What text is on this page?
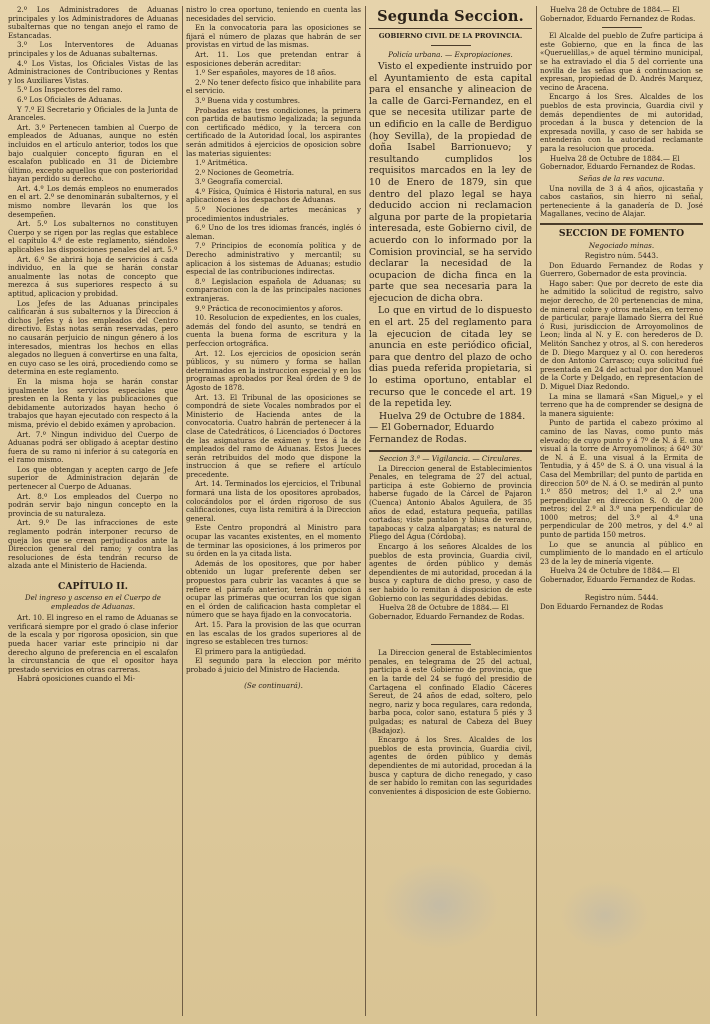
2.º Los Administradores de Aduanas principales y los Administradores de Aduanas subalternas que no tengan anejo el ramo de Estancadas.

3.º Los Interventores de Aduanas principales y los de Aduanas subalternas.

4.º Los Vistas, los Oficiales Vistas de las Administraciones de Contribuciones y Rentas y los Auxiliares Vistas.

5.º Los Inspectores del ramo.

6.º Los Oficiales de Aduanas.

Y 7.º El Secretario y Oficiales de la Junta de Aranceles.

Art. 3.º Pertenecen tambien al Cuerpo de empleados de Aduanas, aunque no estén incluidos en el artículo anterior, todos los que bajo cualquier concepto figuran en el escalafon publicado en 31 de Diciembre último, excepto aquellos que con posterioridad hayan perdido su derecho.

Art. 4.º Los demás empleos no enumerados en el art. 2.º se denominarán subalternos, y el mismo nombre llevarán los que los desempeñen.

Art. 5.º Los subalternos no constituyen Cuerpo y se rigen por las reglas que establece el capítulo 4.º de este reglamento, siéndoles aplicables las disposiciones penales del art. 5.º

Art. 6.º Se abrirá hoja de servicios á cada individuo, en la que se harán constar anualmente las notas de concepto que merezca á sus superiores respecto á su aptitud, aplicacion y probidad.

Los Jefes de las Aduanas principales calificarán á sus subalternos y la Direccion á dichos Jefes y á los empleados del Centro directivo. Estas notas serán reservadas, pero no causarán perjuicio de ningun género á los interesados, mientras los hechos en ellas alegados no lleguen á convertirse en una falta, en cuyo caso se les oirá, procediendo como se determina en este reglamento.

En la misma hoja se harán constar igualmente los servicios especiales que presten en la Renta y las publicaciones que debidamente autorizados hayan hecho ó trabajos que hayan ejecutado con respecto á la misma, prévio el debido exámen y aprobacion.

Art. 7.º Ningun individuo del Cuerpo de Aduanas podrá ser obligado á aceptar destino fuera de su ramo ni inferior á su categoría en el ramo mismo.

Los que obtengan y acepten cargo de Jefe superior de Administracion dejarán de pertenecer al Cuerpo de Aduanas.

Art. 8.º Los empleados del Cuerpo no podrán servir bajo ningun concepto en la provincia de su naturaleza.

Art. 9.º De las infracciones de este reglamento podrán interponer recurso de queja los que se crean perjudicados ante la Direccion general del ramo; y contra las resoluciones de ésta tendrán recurso de alzada ante el Ministerio de Hacienda.

CAPÍTULO II.
Del ingreso y ascenso en el Cuerpo de empleados de Aduanas.

Art. 10. El ingreso en el ramo de Aduanas se verificará siempre por el grado ó clase inferior de la escala y por rigorosa oposicion, sin que pueda hacer variar este principio ni dar derecho alguno de preferencia en el escalafon la circunstancia de que el opositor haya prestado servicios en otras carreras.

Habrá oposiciones cuando el Mi-

nistro lo crea oportuno, teniendo en cuenta las necesidades del servicio.

En la convocatoria para las oposiciones se fijará el número de plazas que habrán de ser provistas en virtud de las mismas.

Art. 11. Los que pretendan entrar á esposiciones deberán acreditar:

1.º Ser españoles, mayores de 18 años.

2.º No tener defecto físico que inhabilite para el servicio.

3.º Buena vida y costumbres.

Probadas estas tres condiciones, la primera con partida de bautismo legalizada; la segunda con certificado médico, y la tercera con certificado de la Autoridad local, los aspirantes serán admitidos á ejercicios de oposicion sobre las materias siguientes:

1.º Aritmética.

2.º Nociones de Geometría.

3.º Geografía comercial.

4.º Física, Química é Historia natural, en sus aplicaciones á los despachos de Aduanas.

5.º Nociones de artes mecánicas y procedimientos industriales.

6.º Uno de los tres idiomas francés, inglés ó aleman.

7.º Principios de economía política y de Derecho administrativo y mercantil; su aplicacion á los sistemas de Aduanas; estudio especial de las contribuciones indirectas.

8.º Legislacion española de Aduanas; su comparacion con la de las principales naciones extranjeras.

9.º Práctica de reconocimientos y aforos.

10. Resolucion de expedientes, en los cuales, además del fondo del asunto, se tendrá en cuenta la buena forma de escritura y la perfeccion ortográfica.

Art. 12. Los ejercicios de oposicion serán públicos, y su número y forma se hallan determinados en la instruccion especial y en los programas aprobados por Real órden de 9 de Agosto de 1878.

Art. 13. El Tribunal de las oposiciones se compondrá de siete Vocales nombrados por el Ministerio de Hacienda antes de la convocatoria. Cuatro habrán de pertenecer á la clase de Catedráticos, ó Licenciados ó Doctores de las asignaturas de exámen y tres á la de empleados del ramo de Aduanas. Estos Jueces serán retribuidos del modo que dispone la instruccion á que se refiere el artículo precedente.

Art. 14. Terminados los ejercicios, el Tribunal formará una lista de los opositores aprobados, colocándolos por el órden rigoroso de sus calificaciones, cuya lista remitirá á la Direccion general.

Este Centro propondrá al Ministro para ocupar las vacantes existentes, en el momento de terminar las oposiciones, á los primeros por su órden en la ya citada lista.

Además de los opositores, que por haber obtenido un lugar preferente deben ser propuestos para cubrir las vacantes á que se refiere el párrafo anterior, tendrán opcion á ocupar las primeras que ocurran los que sigan en el órden de calificacion hasta completar el número que se haya fijado en la convocatoria.

Art. 15. Para la provision de las que ocurran en las escalas de los grados superiores al de ingreso se establecen tres turnos:

El primero para la antigüedad.

El segundo para la eleccion por mérito probado á juicio del Ministro de Hacienda.

(Se continuará).
Segunda Seccion.
GOBIERNO CIVIL DE LA PROVINCIA.
Policía urbana. — Expropiaciones.

Visto el expediente instruido por el Ayuntamiento de esta capital para el ensanche y alineacion de la calle de Garci-Fernandez, en el que se necesita utilizar parte de un edificio en la calle de Berdiguo (hoy Sevilla), de la propiedad de doña Isabel Barrionuevo; y resultando cumplidos los requisitos marcados en la ley de 10 de Enero de 1879, sin que dentro del plazo legal se haya deducido accion ni reclamacion alguna por parte de la propietaria interesada, este Gobierno civil, de acuerdo con lo informado por la Comision provincial, se ha servido declarar la necesidad de la ocupacion de dicha finca en la parte que sea necesaria para la ejecucion de dicha obra.

Lo que en virtud de lo dispuesto en el art. 25 del reglamento para la ejecucion de citada ley se anuncia en este periódico oficial, para que dentro del plazo de ocho dias pueda referida propietaria, si lo estima oportuno, entablar el recurso que le concede el art. 19 de la repetida ley.

Huelva 29 de Octubre de 1884.— El Gobernador, Eduardo Fernandez de Rodas.

Seccion 3.ª — Vigilancia. — Circulares.

La Direccion general de Establecimientos Penales, en telegrama de 27 del actual, participa á este Gobierno de provincia haberse fugado de la Cárcel de Pajaron (Cuenca) Antonio Abalos Aguilera, de 35 años de edad, estatura pequeña, patillas cortadas; viste pantalon y blusa de verano, tapabocas y calza alpargatas; es natural de Pliego del Agua (Córdoba).

Encargo á los señores Alcaldes de los pueblos de esta provincia, Guardia civil, agentes de órden público y demás dependientes de mi autoridad, procedan á la busca y captura de dicho preso, y caso de ser habido lo remitan á disposicion de este Gobierno con las seguridades debidas.

Huelva 28 de Octubre de 1884.— El Gobernador, Eduardo Fernandez de Rodas.

La Direccion general de Establecimientos penales, en telegrama de 25 del actual, participa á este Gobierno de provincia, que en la tarde del 24 se fugó del presidio de Cartagena el confinado Eladio Cáceres Sereut, de 24 años de edad, soltero, pelo negro, nariz y boca regulares, cara redonda, barba poca, color sano, estatura 5 piés y 3 pulgadas; es natural de Cabeza del Buey (Badajoz).

Encargo á los Sres. Alcaldes de los pueblos de esta provincia, Guardia civil, agentes de órden público y demás dependientes de mi autoridad, procedan á la busca y captura de dicho renegado, y caso de ser habido lo remitan con las seguridades convenientes á disposicion de este Gobierno.

Huelva 28 de Octubre de 1884.— El Gobernador, Eduardo Fernandez de Rodas.

El Alcalde del pueblo de Zufre participa á este Gobierno, que en la finca de las «Queruelillas,» de aquel término municipal, se ha extraviado el dia 5 del corriente una novilla de las señas que á continuacion se expresan, propiedad de D. Andrés Marquez, vecino de Aracena.

Encargo á los Sres. Alcaldes de los pueblos de esta provincia, Guardia civil y demás dependientes de mi autoridad, procedan á la busca y detencion de la expresada novilla, y caso de ser habida se entenderán con la autoridad reclamante para la resolucion que proceda.

Huelva 28 de Octubre de 1884.— El Gobernador, Eduardo Fernandez de Rodas.

Señas de la res vacuna.

Una novilla de 3 á 4 años, ojicastaña y cabos castaños, sin hierro ni señal, perteneciente á la ganadería de D. José Magallanes, vecino de Alajar.

SECCION DE FOMENTO
Negociado minas.

Registro núm. 5443.

Don Eduardo Fernandez de Rodas y Guerrero, Gobernador de esta provincia.

Hago saber: Que por decreto de este dia he admitido la solicitud de registro, salvo mejor derecho, de 20 pertenencias de mina, de mineral cobre y otros metales, en terreno de particular, paraje llamado Sierra del Rué ó Rusi, jurisdiccion de Arroyomolinos de Leon; linda al N. y E. con herederos de D. Melitón Sanchez y otros, al S. con herederos de D. Diego Marquez y al O. con herederos de don Antonio Carrasco; cuya solicitud fué presentada en 24 del actual por don Manuel de la Corte y Delgado, en representacion de D. Miguel Diaz Redondo.

La mina se llamará «San Miguel,» y el terreno que ha de comprender se designa de la manera siguiente:

Punto de partida el cabezo próximo al camino de las Navas, como punto más elevado; de cuyo punto y á 7º de N. á E. una visual á la torre de Arroyomolinos; á 64º 30' de N. á E. una visual á la Ermita de Tentudia, y á 45º de S. á O. una visual á la Casa del Membrillar; del punto de partida en direccion 50º de N. á O. se medirán al punto 1.º 850 metros; del 1.º al 2.º una perpendicular en direccion S. O. de 200 metros; del 2.º al 3.º una perpendicular de 1000 metros; del 3.º al 4.º una perpendicular de 200 metros, y del 4.º al punto de partida 150 metros.

Lo que se anuncia al público en cumplimiento de lo mandado en el artículo 23 de la ley de minería vigente.

Huelva 24 de Octubre de 1884.— El Gobernador, Eduardo Fernandez de Rodas.

Registro núm. 5444.

Don Eduardo Fernandez de Rodas
